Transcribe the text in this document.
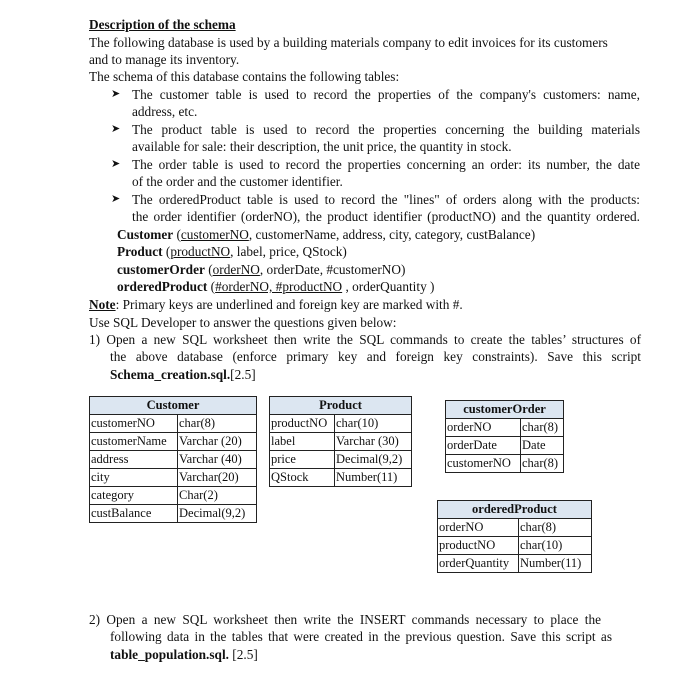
Description of the schema
The following database is used by a building materials company to edit invoices for its customers
and to manage its inventory.
The schema of this database contains the following tables:
➤ The customer table is used to record the properties of the company's customers: name,
address, etc.
➤ The product table is used to record the properties concerning the building materials
available for sale: their description, the unit price, the quantity in stock.
➤ The order table is used to record the properties concerning an order: its number, the date
of the order and the customer identifier.
➤ The orderedProduct table is used to record the "lines" of orders along with the products:
the order identifier (orderNO), the product identifier (productNO) and the quantity ordered.
Customer (customerNO, customerName, address, city, category, custBalance)
Product (productNO, label, price, QStock)
customerOrder (orderNO, orderDate, #customerNO)
orderedProduct (#orderNO, #productNO , orderQuantity )
Note: Primary keys are underlined and foreign key are marked with #.
Use SQL Developer to answer the questions given below:
1) Open a new SQL worksheet then write the SQL commands to create the tables’ structures of
the above database (enforce primary key and foreign key constraints). Save this script
Schema_creation.sql.[2.5]
Customer	
customerNO	char(8)
customerName	Varchar (20)
address	Varchar (40)
city	Varchar(20)
category	Char(2)
custBalance	Decimal(9,2)
Product	
productNO	char(10)
label	Varchar (30)
price	Decimal(9,2)
QStock	Number(11)
customerOrder	
orderNO	char(8)
orderDate	Date
customerNO	char(8)
orderedProduct	
orderNO	char(8)
productNO	char(10)
orderQuantity	Number(11)
2) Open a new SQL worksheet then write the INSERT commands necessary to place the
following data in the tables that were created in the previous question. Save this script as
table_population.sql. [2.5]
